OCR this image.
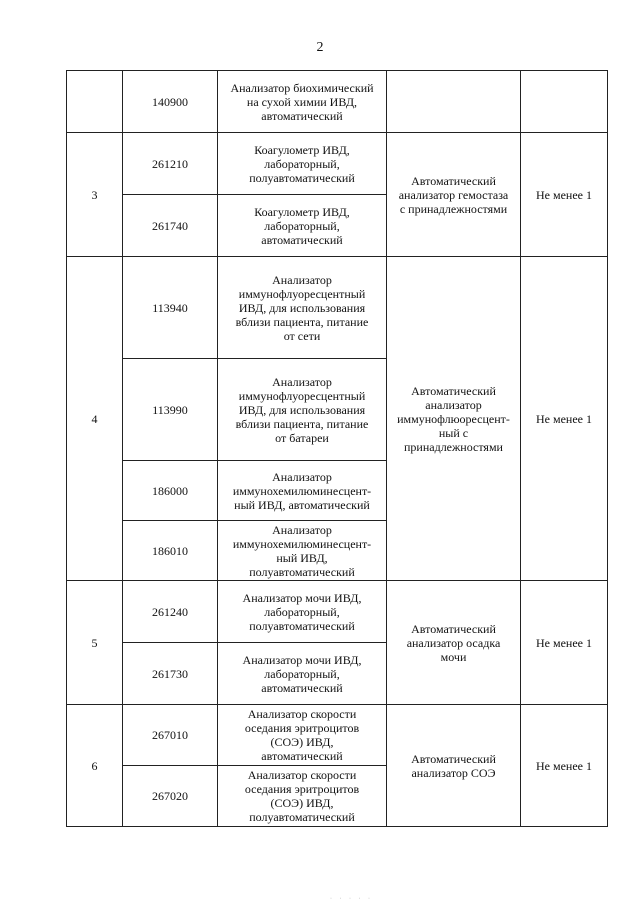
2
	140900	Анализатор биохимический
на сухой химии ИВД,
автоматический		
3	261210	Коагулометр ИВД,
лабораторный,
полуавтоматический	Автоматический
анализатор гемостаза
с принадлежностями	Не менее 1
	261740	Коагулометр ИВД,
лабораторный,
автоматический		
4	113940	Анализатор
иммунофлуоресцентный
ИВД, для использования
вблизи пациента, питание
от сети	Автоматический
анализатор
иммунофлюоресцент-
ный с
принадлежностями	Не менее 1
	113990	Анализатор
иммунофлуоресцентный
ИВД, для использования
вблизи пациента, питание
от батареи		
	186000	Анализатор
иммунохемилюминесцент-
ный ИВД, автоматический		
	186010	Анализатор
иммунохемилюминесцент-
ный ИВД,
полуавтоматический		
5	261240	Анализатор мочи ИВД,
лабораторный,
полуавтоматический	Автоматический
анализатор осадка
мочи	Не менее 1
	261730	Анализатор мочи ИВД,
лабораторный,
автоматический		
6	267010	Анализатор скорости
оседания эритроцитов
(СОЭ) ИВД,
автоматический	Автоматический
анализатор СОЭ	Не менее 1
	267020	Анализатор скорости
оседания эритроцитов
(СОЭ) ИВД,
полуавтоматический		
· · · · ·
